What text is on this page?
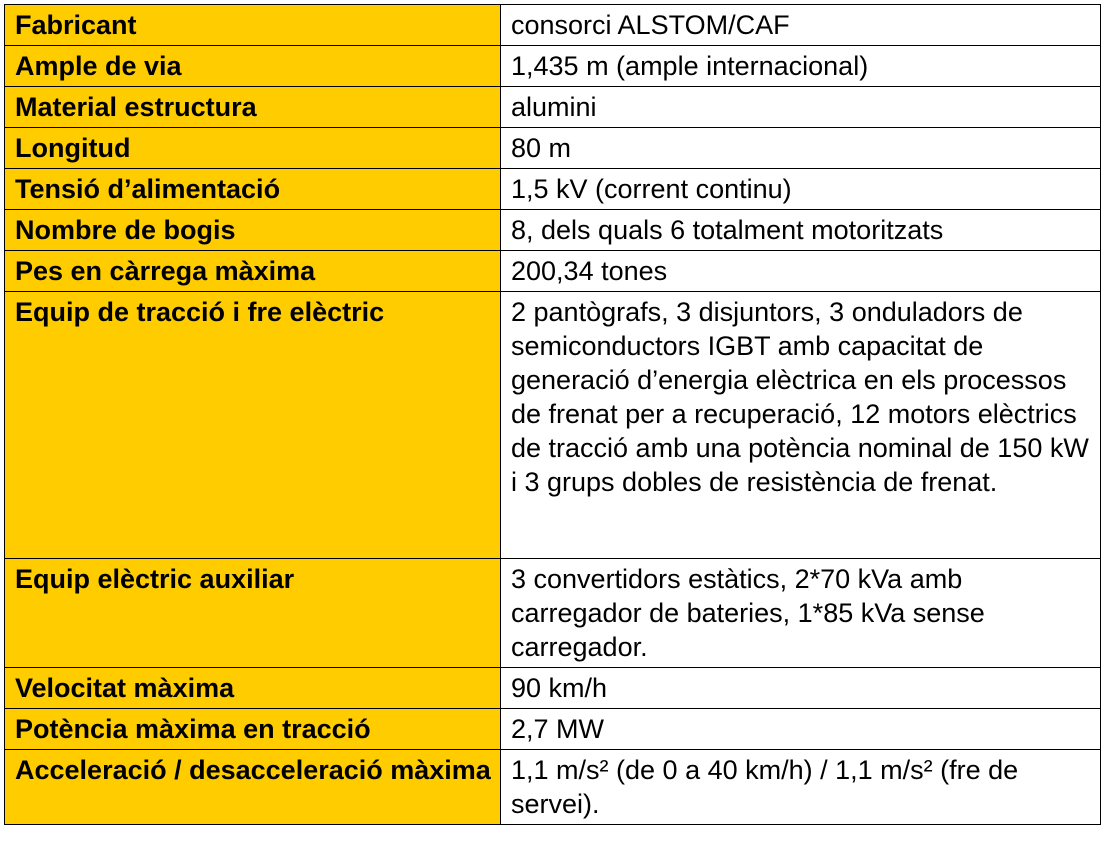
Fabricant	consorci ALSTOM/CAF
Ample de via	1,435 m (ample internacional)
Material estructura	alumini
Longitud	80 m
Tensió d’alimentació	1,5 kV (corrent continu)
Nombre de bogis	8, dels quals 6 totalment motoritzats
Pes en càrrega màxima	200,34 tones
Equip de tracció i fre elèctric	2 pantògrafs, 3 disjuntors, 3 onduladors de semiconductors IGBT amb capacitat de generació d’energia elèctrica en els processos de frenat per a recuperació, 12 motors elèctrics de tracció amb una potència nominal de 150 kW i 3 grups dobles de resistència de frenat.
Equip elèctric auxiliar	3 convertidors estàtics, 2*70 kVa amb carregador de bateries, 1*85 kVa sense carregador.
Velocitat màxima	90 km/h
Potència màxima en tracció	2,7 MW
Acceleració / desacceleració màxima	1,1 m/s² (de 0 a 40 km/h) / 1,1 m/s² (fre de servei).
